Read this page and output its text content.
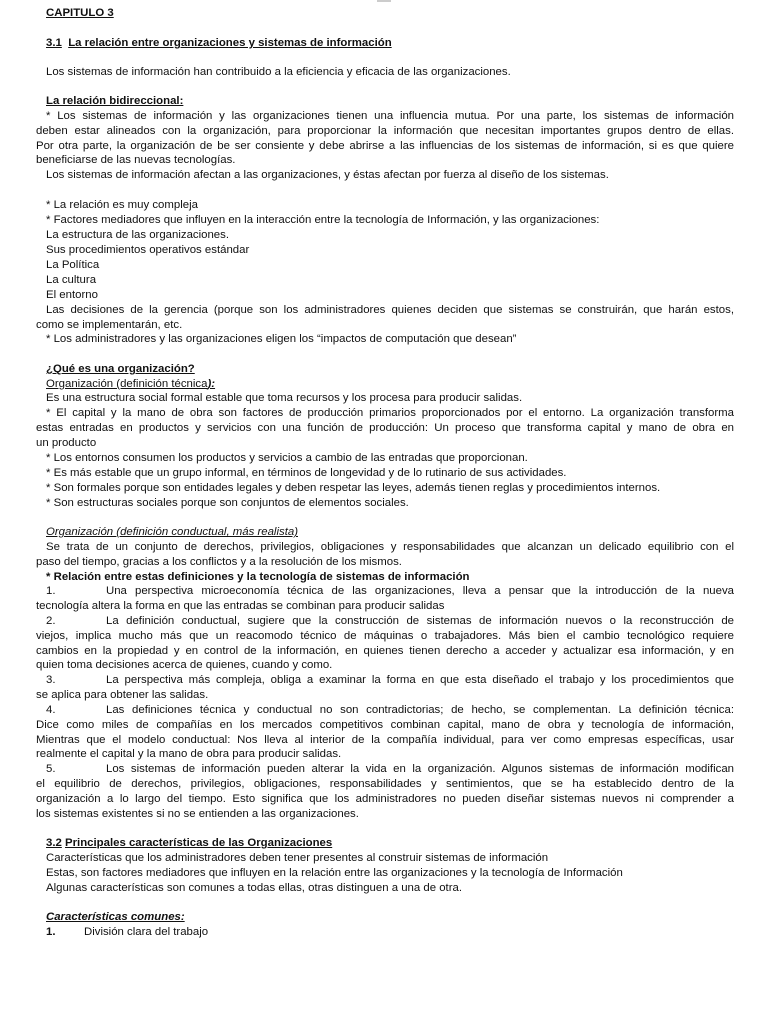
CAPITULO 3
3.1 La relación entre organizaciones y sistemas de información
Los sistemas de información han contribuido a la eficiencia y eficacia de las organizaciones.
La relación bidireccional:
* Los sistemas de información y las organizaciones tienen una influencia mutua. Por una parte, los sistemas de información
deben estar alineados con la organización, para proporcionar la información que necesitan importantes grupos dentro de ellas.
Por otra parte, la organización de be ser consiente y debe abrirse a las influencias de los sistemas de información, si es que quiere
beneficiarse de las nuevas tecnologías.
Los sistemas de información afectan a las organizaciones, y éstas afectan por fuerza al diseño de los sistemas.
* La relación es muy compleja
* Factores mediadores que influyen en la interacción entre la tecnología de Información, y las organizaciones:
La estructura de las organizaciones.
Sus procedimientos operativos estándar
La Política
La cultura
El entorno
Las decisiones de la gerencia (porque son los administradores quienes deciden que sistemas se construirán, que harán estos,
como se implementarán, etc.
* Los administradores y las organizaciones eligen los “impactos de computación que desean”
¿Qué es una organización?
Organización (definición técnica):
Es una estructura social formal estable que toma recursos y los procesa para producir salidas.
* El capital y la mano de obra son factores de producción primarios proporcionados por el entorno. La organización transforma
estas entradas en productos y servicios con una función de producción: Un proceso que transforma capital y mano de obra en
un producto
* Los entornos consumen los productos y servicios a cambio de las entradas que proporcionan.
* Es más estable que un grupo informal, en términos de longevidad y de lo rutinario de sus actividades.
* Son formales porque son entidades legales y deben respetar las leyes, además tienen reglas y procedimientos internos.
* Son estructuras sociales porque son conjuntos de elementos sociales.
Organización (definición conductual, más realista)
Se trata de un conjunto de derechos, privilegios, obligaciones y responsabilidades que alcanzan un delicado equilibrio con el
paso del tiempo, gracias a los conflictos y a la resolución de los mismos.
* Relación entre estas definiciones y la tecnología de sistemas de información
1.	Una perspectiva microeconomía técnica de las organizaciones, lleva a pensar que la introducción de la nueva
tecnología altera la forma en que las entradas se combinan para producir salidas
2.	La definición conductual, sugiere que la construcción de sistemas de información nuevos o la reconstrucción de
viejos, implica mucho más que un reacomodo técnico de máquinas o trabajadores. Más bien el cambio tecnológico requiere
cambios en la propiedad y en control de la información, en quienes tienen derecho a acceder y actualizar esa información, y en
quien toma decisiones acerca de quienes, cuando y como.
3.	La perspectiva más compleja, obliga a examinar la forma en que esta diseñado el trabajo y los procedimientos que
se aplica para obtener las salidas.
4.	Las definiciones técnica y conductual no son contradictorias; de hecho, se complementan. La definición técnica:
Dice como miles de compañías en los mercados competitivos combinan capital, mano de obra y tecnología de información,
Mientras que el modelo conductual: Nos lleva al interior de la compañía individual, para ver como empresas específicas, usar
realmente el capital y la mano de obra para producir salidas.
5.	Los sistemas de información pueden alterar la vida en la organización. Algunos sistemas de información modifican
el equilibrio de derechos, privilegios, obligaciones, responsabilidades y sentimientos, que se ha establecido dentro de la
organización a lo largo del tiempo. Esto significa que los administradores no pueden diseñar sistemas nuevos ni comprender a
los sistemas existentes si no se entienden a las organizaciones.
3.2 Principales características de las Organizaciones
Características que los administradores deben tener presentes al construir sistemas de información
Estas, son factores mediadores que influyen en la relación entre las organizaciones y la tecnología de Información
Algunas características son comunes a todas ellas, otras distinguen a una de otra.
Características comunes:
1.	División clara del trabajo
